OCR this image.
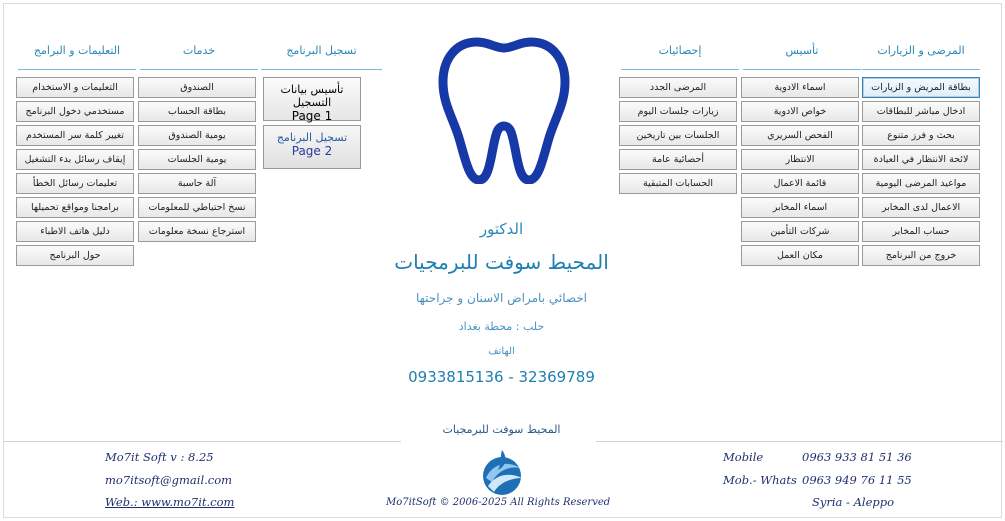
المرضى و الزيارات
تأسيس
إحصائيات
تسجيل البرنامج
خدمات
التعليمات و البرامج
بطاقة المريض و الزيارات
ادخال مباشر للبطاقات
بحث و فرز متنوع
لائحة الانتظار في العيادة
مواعيد المرضى اليومية
الاعمال لدى المخابر
حساب المخابر
خروج من البرنامج
اسماء الادوية
خواص الادوية
الفحص السريري
الانتظار
قائمة الاعمال
اسماء المخابر
شركات التأمين
مكان العمل
المرضى الجدد
زيارات جلسات اليوم
الجلسات بين تاريخين
أحصائية عامة
الحسابات المتبقية
تأسيس بيانات التسجيل
Page 1
تسجيل البرنامج
Page 2
الصندوق
بطاقة الحساب
يومية الصندوق
يومية الجلسات
آلة حاسبة
نسخ احتياطي للمعلومات
استرجاع نسخة معلومات
التعليمات و الاستخدام
مستخدمي دخول البرنامج
تغيير كلمة سر المستخدم
إيقاف رسائل بدء التشغيل
تعليمات رسائل الخطأ
برامجنا ومواقع تحميلها
دليل هاتف الاطباء
حول البرنامج
الدكتور
المحيط سوفت للبرمجيات
اخصائي بامراض الاسنان و جراحتها
حلب : محطة بغداد
الهاتف
0933815136 - 32369789
المحيط سوفت للبرمجيات
Mo7it Soft v : 8.25
mo7itsoft@gmail.com
Web.: www.mo7it.com	Mo7itSoft © 2006-2025 All Rights Reserved
Mobile	0963 933 81 51 36
Mob.- Whats 0963 949 76 11 55
Syria - Aleppo
